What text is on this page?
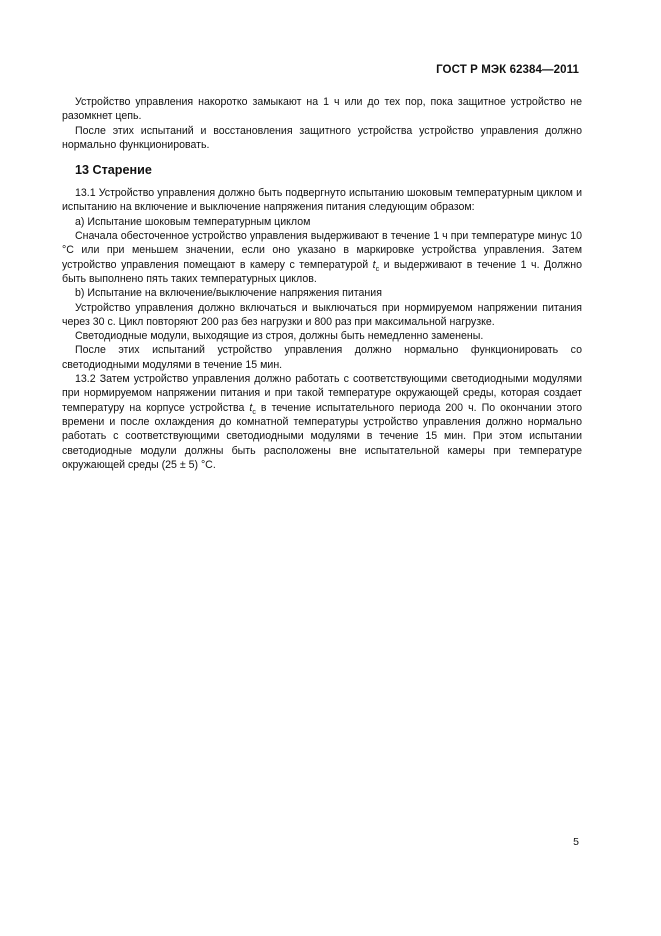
ГОСТ Р МЭК 62384—2011

Устройство управления накоротко замыкают на 1 ч или до тех пор, пока защитное устройство не разомкнет цепь.

После этих испытаний и восстановления защитного устройства устройство управления должно нормально функционировать.

13 Старение

13.1 Устройство управления должно быть подвергнуто испытанию шоковым температурным циклом и испытанию на включение и выключение напряжения питания следующим образом:

a) Испытание шоковым температурным циклом

Сначала обесточенное устройство управления выдерживают в течение 1 ч при температуре минус 10 °С или при меньшем значении, если оно указано в маркировке устройства управления. Затем устройство управления помещают в камеру с температурой $t_c$ и выдерживают в течение 1 ч. Должно быть выполнено пять таких температурных циклов.

b) Испытание на включение/выключение напряжения питания

Устройство управления должно включаться и выключаться при нормируемом напряжении питания через 30 с. Цикл повторяют 200 раз без нагрузки и 800 раз при максимальной нагрузке.

Светодиодные модули, выходящие из строя, должны быть немедленно заменены.

После этих испытаний устройство управления должно нормально функционировать со светодиодными модулями в течение 15 мин.

13.2 Затем устройство управления должно работать с соответствующими светодиодными модулями при нормируемом напряжении питания и при такой температуре окружающей среды, которая создает температуру на корпусе устройства $t_c$ в течение испытательного периода 200 ч. По окончании этого времени и после охлаждения до комнатной температуры устройство управления должно нормально работать с соответствующими светодиодными модулями в течение 15 мин. При этом испытании светодиодные модули должны быть расположены вне испытательной камеры при температуре окружающей среды (25 ± 5) °С.

5
